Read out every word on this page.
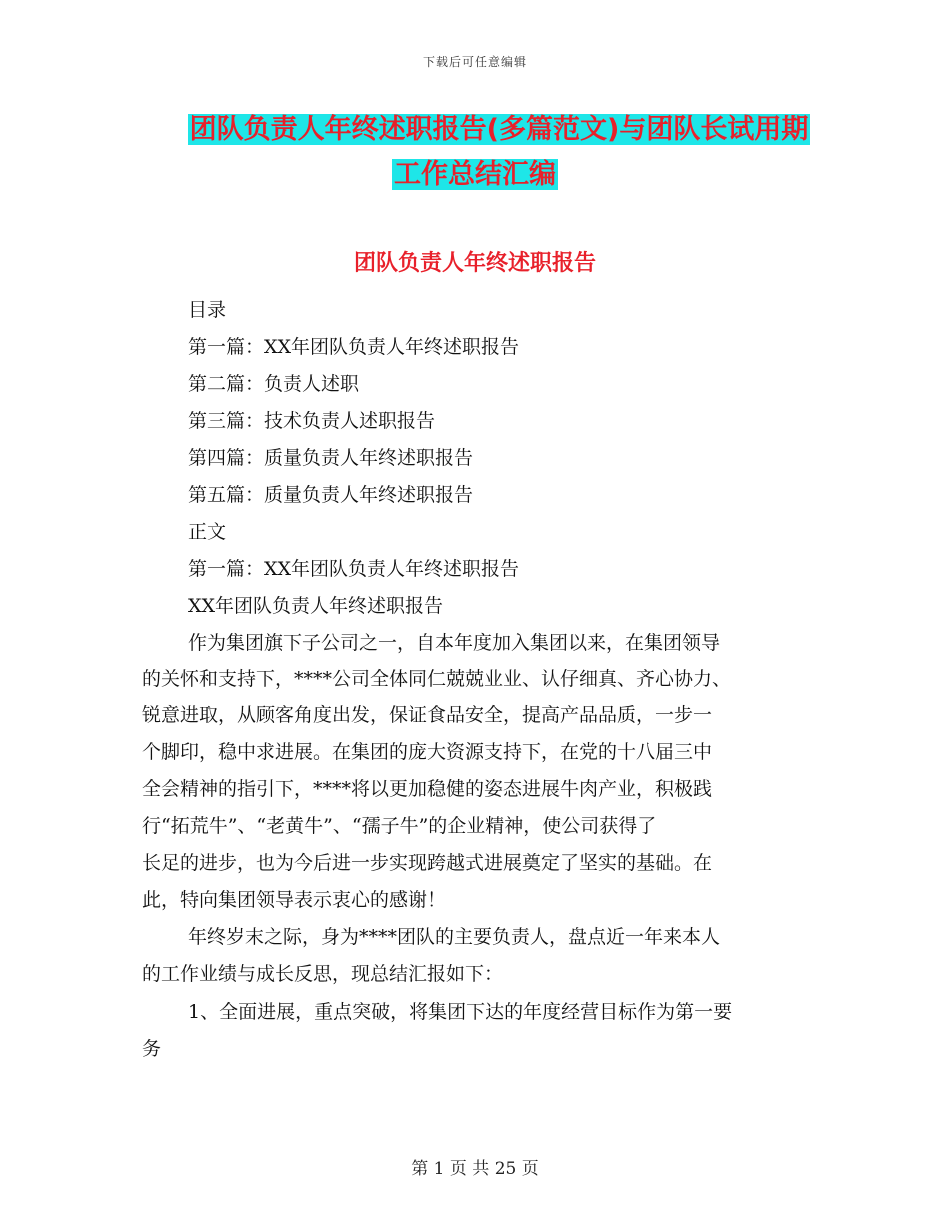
下载后可任意编辑
团队负责人年终述职报告(多篇范文)与团队长试用期
工作总结汇编
团队负责人年终述职报告
目录
第一篇：XX年团队负责人年终述职报告
第二篇：负责人述职
第三篇：技术负责人述职报告
第四篇：质量负责人年终述职报告
第五篇：质量负责人年终述职报告
正文
第一篇：XX年团队负责人年终述职报告
XX年团队负责人年终述职报告
作为集团旗下子公司之一，自本年度加入集团以来，在集团领导
的关怀和支持下，****公司全体同仁兢兢业业、认仔细真、齐心协力、
锐意进取，从顾客角度出发，保证食品安全，提高产品品质，一步一
个脚印，稳中求进展。在集团的庞大资源支持下，在党的十八届三中
全会精神的指引下，****将以更加稳健的姿态进展牛肉产业，积极践
行“拓荒牛”、“老黄牛”、“孺子牛”的企业精神，使公司获得了
长足的进步，也为今后进一步实现跨越式进展奠定了坚实的基础。在
此，特向集团领导表示衷心的感谢！
年终岁末之际，身为****团队的主要负责人，盘点近一年来本人
的工作业绩与成长反思，现总结汇报如下：
1、全面进展，重点突破，将集团下达的年度经营目标作为第一要
务
第 1 页 共 25 页
